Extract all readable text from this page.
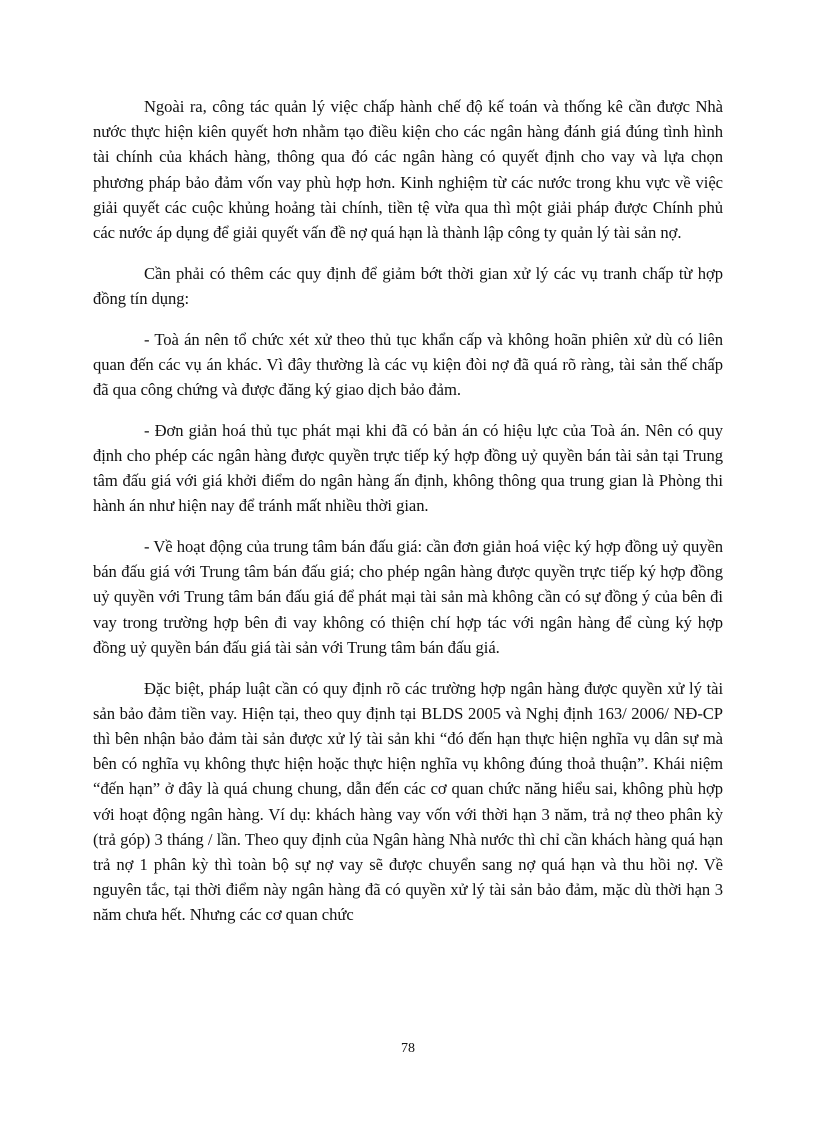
Ngoài ra, công tác quản lý việc chấp hành chế độ kế toán và thống kê cần được Nhà nước thực hiện kiên quyết hơn nhằm tạo điều kiện cho các ngân hàng đánh giá đúng tình hình tài chính của khách hàng, thông qua đó các ngân hàng có quyết định cho vay và lựa chọn phương pháp bảo đảm vốn vay phù hợp hơn. Kinh nghiệm từ các nước trong khu vực về việc giải quyết các cuộc khủng hoảng tài chính, tiền tệ vừa qua thì một giải pháp được Chính phủ các nước áp dụng để giải quyết vấn đề nợ quá hạn là thành lập công ty quản lý tài sản nợ.

Cần phải có thêm các quy định để giảm bớt thời gian xử lý các vụ tranh chấp từ hợp đồng tín dụng:

- Toà án nên tổ chức xét xử theo thủ tục khẩn cấp và không hoãn phiên xử dù có liên quan đến các vụ án khác. Vì đây thường là các vụ kiện đòi nợ đã quá rõ ràng, tài sản thế chấp đã qua công chứng và được đăng ký giao dịch bảo đảm.

- Đơn giản hoá thủ tục phát mại khi đã có bản án có hiệu lực của Toà án. Nên có quy định cho phép các ngân hàng được quyền trực tiếp ký hợp đồng uỷ quyền bán tài sản tại Trung tâm đấu giá với giá khởi điểm do ngân hàng ấn định, không thông qua trung gian là Phòng thi hành án như hiện nay để tránh mất nhiều thời gian.

- Về hoạt động của trung tâm bán đấu giá: cần đơn giản hoá việc ký hợp đồng uỷ quyền bán đấu giá với Trung tâm bán đấu giá; cho phép ngân hàng được quyền trực tiếp ký hợp đồng uỷ quyền với Trung tâm bán đấu giá để phát mại tài sản mà không cần có sự đồng ý của bên đi vay trong trường hợp bên đi vay không có thiện chí hợp tác với ngân hàng để cùng ký hợp đồng uỷ quyền bán đấu giá tài sản với Trung tâm bán đấu giá.

Đặc biệt, pháp luật cần có quy định rõ các trường hợp ngân hàng được quyền xử lý tài sản bảo đảm tiền vay. Hiện tại, theo quy định tại BLDS 2005 và Nghị định 163/ 2006/ NĐ-CP thì bên nhận bảo đảm tài sản được xử lý tài sản khi “đó đến hạn thực hiện nghĩa vụ dân sự mà bên có nghĩa vụ không thực hiện hoặc thực hiện nghĩa vụ không đúng thoả thuận”. Khái niệm “đến hạn” ở đây là quá chung chung, dẫn đến các cơ quan chức năng hiểu sai, không phù hợp với hoạt động ngân hàng. Ví dụ: khách hàng vay vốn với thời hạn 3 năm, trả nợ theo phân kỳ (trả góp) 3 tháng / lần. Theo quy định của Ngân hàng Nhà nước thì chỉ cần khách hàng quá hạn trả nợ 1 phân kỳ thì toàn bộ sự nợ vay sẽ được chuyển sang nợ quá hạn và thu hồi nợ. Về nguyên tắc, tại thời điểm này ngân hàng đã có quyền xử lý tài sản bảo đảm, mặc dù thời hạn 3 năm chưa hết. Nhưng các cơ quan chức

78
